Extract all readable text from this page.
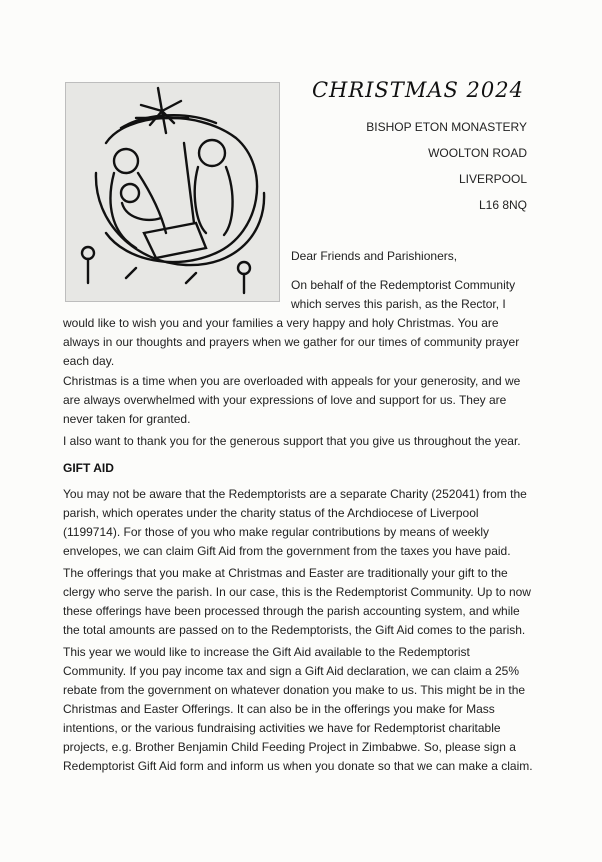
CHRISTMAS 2024
BISHOP ETON MONASTERY
WOOLTON ROAD
LIVERPOOL
L16 8NQ
Dear Friends and Parishioners,
On behalf of the Redemptorist Community which serves this parish, as the Rector, I
would like to wish you and your families a very happy and holy Christmas. You are always in our thoughts and prayers when we gather for our times of community prayer each day.
Christmas is a time when you are overloaded with appeals for your generosity, and we are always overwhelmed with your expressions of love and support for us. They are never taken for granted.
I also want to thank you for the generous support that you give us throughout the year.
GIFT AID
You may not be aware that the Redemptorists are a separate Charity (252041) from the parish, which operates under the charity status of the Archdiocese of Liverpool (1199714). For those of you who make regular contributions by means of weekly envelopes, we can claim Gift Aid from the government from the taxes you have paid.
The offerings that you make at Christmas and Easter are traditionally your gift to the clergy who serve the parish. In our case, this is the Redemptorist Community. Up to now these offerings have been processed through the parish accounting system, and while the total amounts are passed on to the Redemptorists, the Gift Aid comes to the parish.
This year we would like to increase the Gift Aid available to the Redemptorist Community. If you pay income tax and sign a Gift Aid declaration, we can claim a 25% rebate from the government on whatever donation you make to us. This might be in the Christmas and Easter Offerings. It can also be in the offerings you make for Mass intentions, or the various fundraising activities we have for Redemptorist charitable projects, e.g. Brother Benjamin Child Feeding Project in Zimbabwe. So, please sign a Redemptorist Gift Aid form and inform us when you donate so that we can make a claim.
